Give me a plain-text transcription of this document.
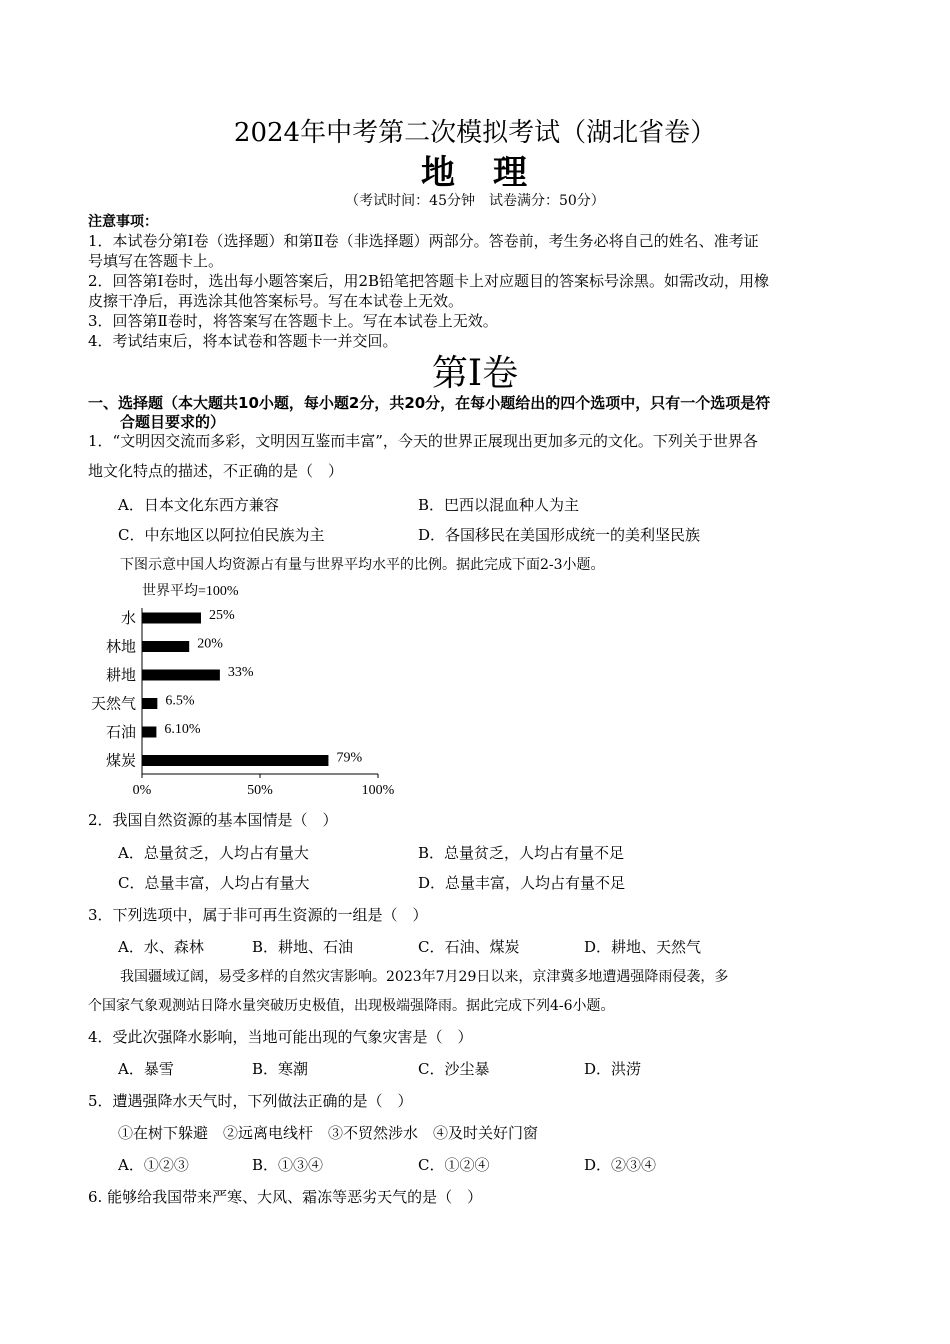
2024年中考第二次模拟考试（湖北省卷）
地　理
（考试时间：45分钟　试卷满分：50分）
注意事项：
1．本试卷分第Ⅰ卷（选择题）和第Ⅱ卷（非选择题）两部分。答卷前，考生务必将自己的姓名、准考证
号填写在答题卡上。
2．回答第Ⅰ卷时，选出每小题答案后，用2B铅笔把答题卡上对应题目的答案标号涂黑。如需改动，用橡
皮擦干净后，再选涂其他答案标号。写在本试卷上无效。
3．回答第Ⅱ卷时，将答案写在答题卡上。写在本试卷上无效。
4．考试结束后，将本试卷和答题卡一并交回。
第Ⅰ卷
一、选择题（本大题共10小题，每小题2分，共20分，在每小题给出的四个选项中，只有一个选项是符
合题目要求的）
1．“文明因交流而多彩，文明因互鉴而丰富”，今天的世界正展现出更加多元的文化。下列关于世界各
地文化特点的描述，不正确的是（　）
A．日本文化东西方兼容	B．巴西以混血种人为主
C．中东地区以阿拉伯民族为主	D．各国移民在美国形成统一的美利坚民族
下图示意中国人均资源占有量与世界平均水平的比例。据此完成下面2-3小题。
世界平均=100%
水	25%
林地	20%
耕地	33%
天然气 6.5%
石油 6.10%
煤炭	79%
0%	50%	100%
2．我国自然资源的基本国情是（　）
A．总量贫乏，人均占有量大	B．总量贫乏，人均占有量不足
C．总量丰富，人均占有量大	D．总量丰富，人均占有量不足
3．下列选项中，属于非可再生资源的一组是（　）
A．水、森林	B．耕地、石油	C．石油、煤炭	D．耕地、天然气
我国疆域辽阔，易受多样的自然灾害影响。2023年7月29日以来，京津冀多地遭遇强降雨侵袭，多
个国家气象观测站日降水量突破历史极值，出现极端强降雨。据此完成下列4-6小题。
4．受此次强降水影响，当地可能出现的气象灾害是（　）
A．暴雪	B．寒潮	C．沙尘暴	D．洪涝
5．遭遇强降水天气时，下列做法正确的是（　）
①在树下躲避　②远离电线杆　③不贸然涉水　④及时关好门窗
A．①②③	B．①③④	C．①②④	D．②③④
6. 能够给我国带来严寒、大风、霜冻等恶劣天气的是（　）
